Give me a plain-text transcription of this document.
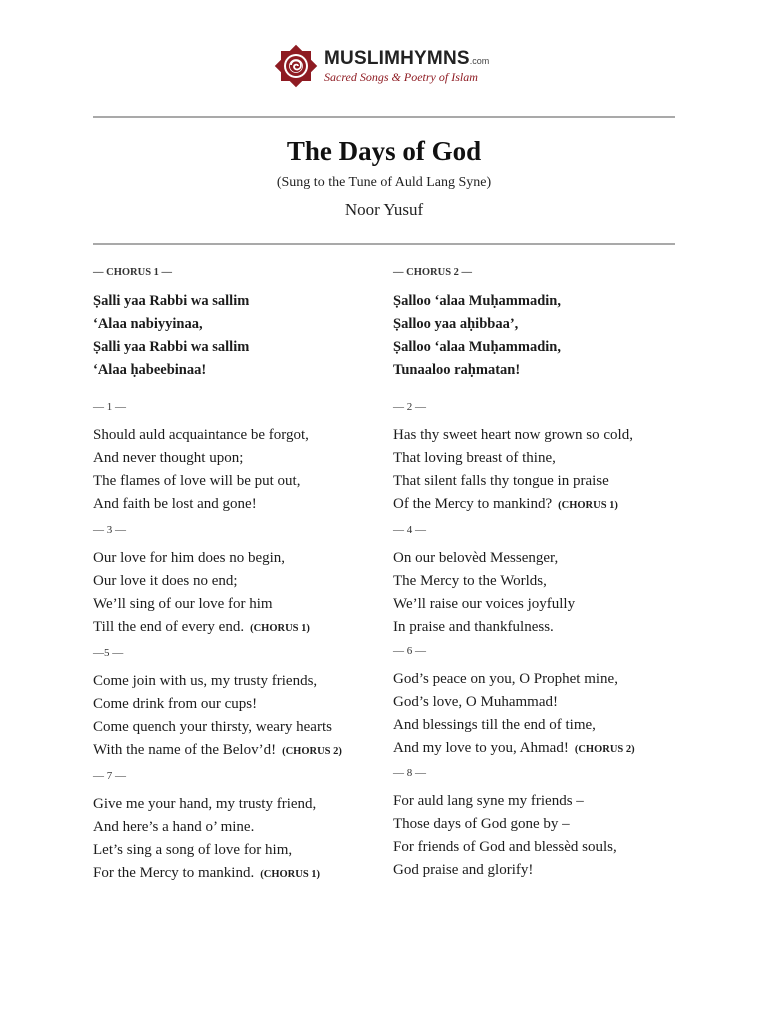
MUSLIMHYMNS.com
Sacred Songs & Poetry of Islam
The Days of God
(Sung to the Tune of Auld Lang Syne)
Noor Yusuf
— CHORUS 1 —
Ṣalli yaa Rabbi wa sallim
‘Alaa nabiyyinaa,
Ṣalli yaa Rabbi wa sallim
‘Alaa ḥabeebinaa!
— CHORUS 2 —
Ṣalloo ‘alaa Muḥammadin,
Ṣalloo yaa aḥibbaa’,
Ṣalloo ‘alaa Muḥammadin,
Tunaaloo raḥmatan!
— 1 —
Should auld acquaintance be forgot,
And never thought upon;
The flames of love will be put out,
And faith be lost and gone!
— 2 —
Has thy sweet heart now grown so cold,
That loving breast of thine,
That silent falls thy tongue in praise
Of the Mercy to mankind? (CHORUS 1)
— 3 —
Our love for him does no begin,
Our love it does no end;
We’ll sing of our love for him
Till the end of every end. (CHORUS 1)
— 4 —
On our belovèd Messenger,
The Mercy to the Worlds,
We’ll raise our voices joyfully
In praise and thankfulness.
—5 —
Come join with us, my trusty friends,
Come drink from our cups!
Come quench your thirsty, weary hearts
With the name of the Belov’d! (CHORUS 2)
— 6 —
God’s peace on you, O Prophet mine,
God’s love, O Muhammad!
And blessings till the end of time,
And my love to you, Ahmad! (CHORUS 2)
— 7 —
Give me your hand, my trusty friend,
And here’s a hand o’ mine.
Let’s sing a song of love for him,
For the Mercy to mankind. (CHORUS 1)
— 8 —
For auld lang syne my friends –
Those days of God gone by –
For friends of God and blessèd souls,
God praise and glorify!
